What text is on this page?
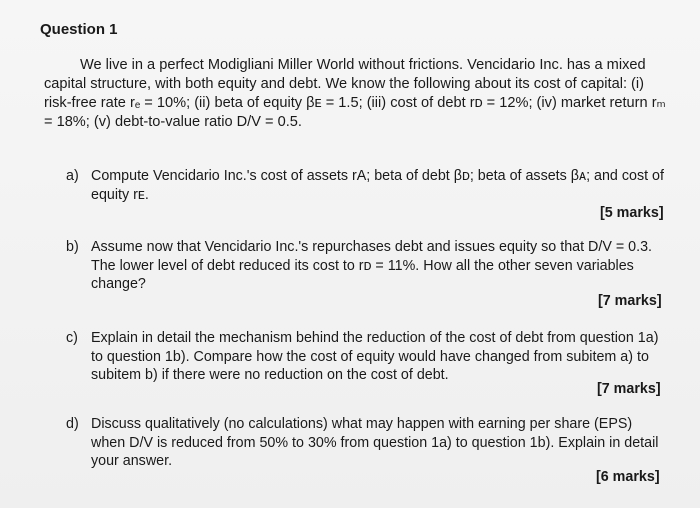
Question 1
We live in a perfect Modigliani Miller World without frictions. Vencidario Inc. has a mixed capital structure, with both equity and debt. We know the following about its cost of capital: (i) risk-free rate rₑ = 10%; (ii) beta of equity βᴇ = 1.5; (iii) cost of debt rᴅ = 12%; (iv) market return rₘ = 18%; (v) debt-to-value ratio D/V = 0.5.
a) Compute Vencidario Inc.'s cost of assets rA; beta of debt βᴅ; beta of assets βᴀ; and cost of equity rᴇ.
[5 marks]
b) Assume now that Vencidario Inc.'s repurchases debt and issues equity so that D/V = 0.3. The lower level of debt reduced its cost to rᴅ = 11%. How all the other seven variables change?
[7 marks]
c) Explain in detail the mechanism behind the reduction of the cost of debt from question 1a) to question 1b). Compare how the cost of equity would have changed from subitem a) to subitem b) if there were no reduction on the cost of debt.
[7 marks]
d) Discuss qualitatively (no calculations) what may happen with earning per share (EPS) when D/V is reduced from 50% to 30% from question 1a) to question 1b). Explain in detail your answer.
[6 marks]
